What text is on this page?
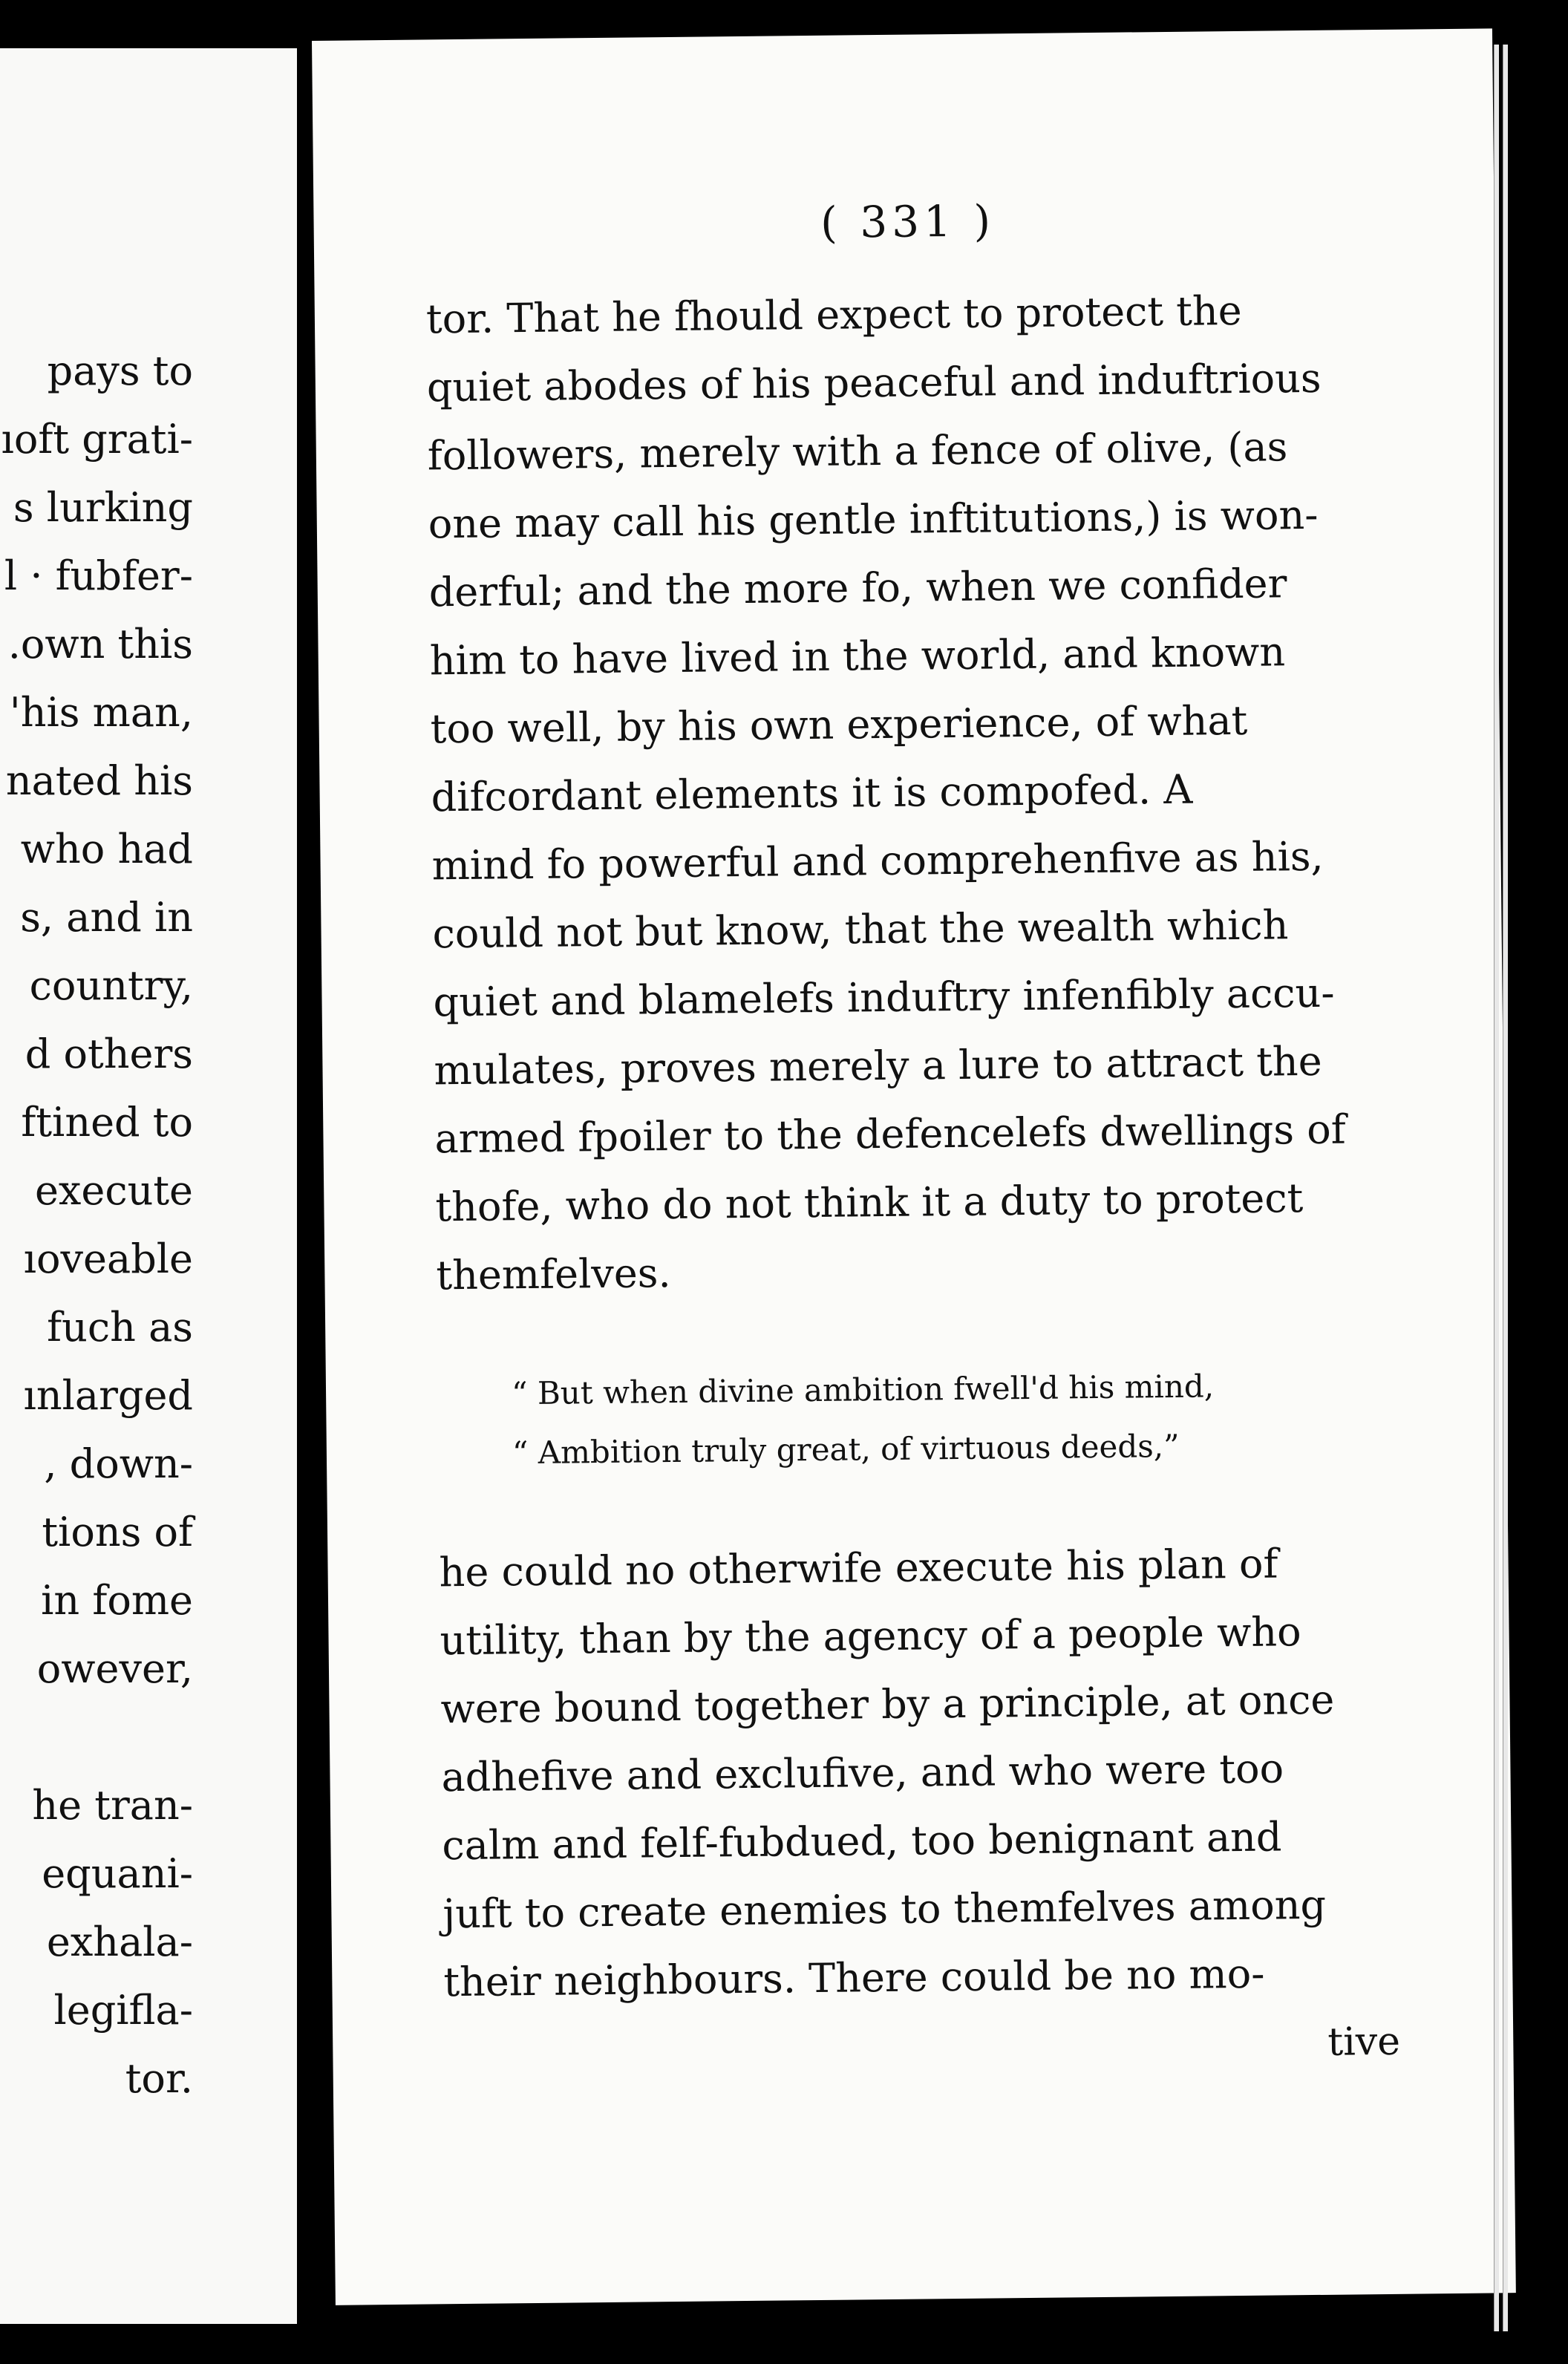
pays to
ıoft grati-
s lurking
l · fubfer-
.own this
'his man,
nated his
who had
s, and in
country,
d others
ftined to
execute
ıoveable
fuch as
ınlarged
, down-
tions of
in fome
owever,
he tran-
equani-
exhala-
legifla-
tor.
( 331 )
tor. That he fhould expect to protect the
quiet abodes of his peaceful and induftrious
followers, merely with a fence of olive, (as
one may call his gentle inftitutions,) is won-
derful; and the more fo, when we confider
him to have lived in the world, and known
too well, by his own experience, of what
difcordant elements it is compofed. A
mind fo powerful and comprehenfive as his,
could not but know, that the wealth which
quiet and blamelefs induftry infenfibly accu-
mulates, proves merely a lure to attract the
armed fpoiler to the defencelefs dwellings of
thofe, who do not think it a duty to protect
themfelves.
“ But when divine ambition fwell'd his mind,
“ Ambition truly great, of virtuous deeds,”
he could no otherwife execute his plan of
utility, than by the agency of a people who
were bound together by a principle, at once
adhefive and exclufive, and who were too
calm and felf-fubdued, too benignant and
juft to create enemies to themfelves among
their neighbours. There could be no mo-
tive
